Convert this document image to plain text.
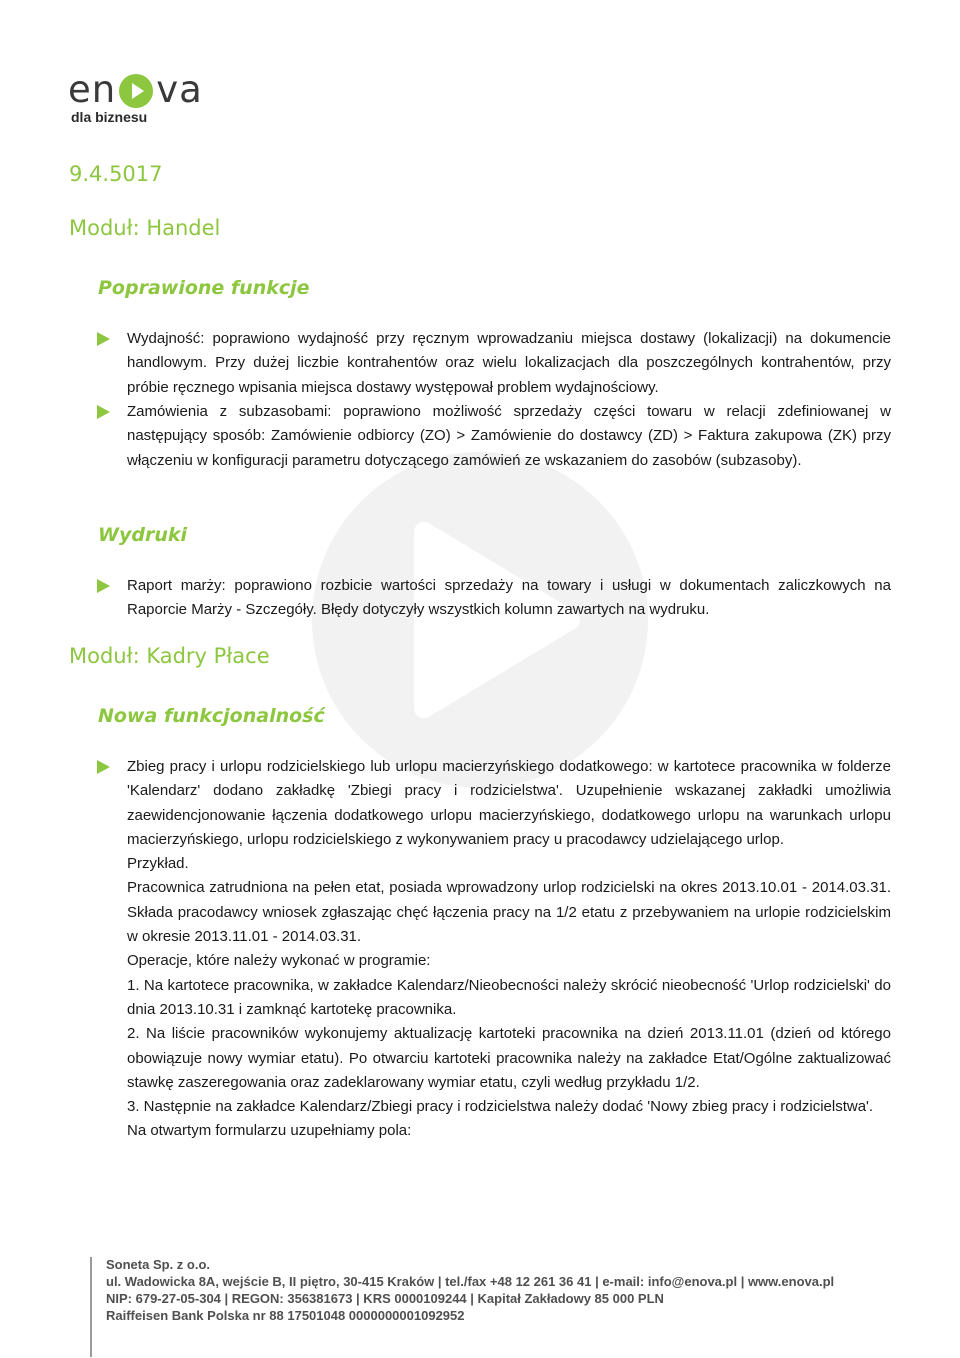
en va
dla biznesu
9.4.5017
Moduł: Handel
Poprawione funkcje

Wydajność: poprawiono wydajność przy ręcznym wprowadzaniu miejsca dostawy (lokalizacji) na dokumencie handlowym. Przy dużej liczbie kontrahentów oraz wielu lokalizacjach dla poszczególnych kontrahentów, przy próbie ręcznego wpisania miejsca dostawy występował problem wydajnościowy.

Zamówienia z subzasobami: poprawiono możliwość sprzedaży części towaru w relacji zdefiniowanej w następujący sposób: Zamówienie odbiorcy (ZO) > Zamówienie do dostawcy (ZD) > Faktura zakupowa (ZK) przy włączeniu w konfiguracji parametru dotyczącego zamówień ze wskazaniem do zasobów (subzasoby).

Wydruki

Raport marży: poprawiono rozbicie wartości sprzedaży na towary i usługi w dokumentach zaliczkowych na Raporcie Marży - Szczegóły. Błędy dotyczyły wszystkich kolumn zawartych na wydruku.

Moduł: Kadry Płace
Nowa funkcjonalność

Zbieg pracy i urlopu rodzicielskiego lub urlopu macierzyńskiego dodatkowego: w kartotece pracownika w folderze 'Kalendarz' dodano zakładkę 'Zbiegi pracy i rodzicielstwa'. Uzupełnienie wskazanej zakładki umożliwia zaewidencjonowanie łączenia dodatkowego urlopu macierzyńskiego, dodatkowego urlopu na warunkach urlopu macierzyńskiego, urlopu rodzicielskiego z wykonywaniem pracy u pracodawcy udzielającego urlop.

Przykład.

Pracownica zatrudniona na pełen etat, posiada wprowadzony urlop rodzicielski na okres 2013.10.01 - 2014.03.31. Składa pracodawcy wniosek zgłaszając chęć łączenia pracy na 1/2 etatu z przebywaniem na urlopie rodzicielskim w okresie 2013.11.01 - 2014.03.31.

Operacje, które należy wykonać w programie:

1. Na kartotece pracownika, w zakładce Kalendarz/Nieobecności należy skrócić nieobecność 'Urlop rodzicielski' do dnia 2013.10.31 i zamknąć kartotekę pracownika.

2. Na liście pracowników wykonujemy aktualizację kartoteki pracownika na dzień 2013.11.01 (dzień od którego obowiązuje nowy wymiar etatu). Po otwarciu kartoteki pracownika należy na zakładce Etat/Ogólne zaktualizować stawkę zaszeregowania oraz zadeklarowany wymiar etatu, czyli według przykładu 1/2.

3. Następnie na zakładce Kalendarz/Zbiegi pracy i rodzicielstwa należy dodać 'Nowy zbieg pracy i rodzicielstwa'.

Na otwartym formularzu uzupełniamy pola:

Soneta Sp. z o.o.
ul. Wadowicka 8A, wejście B, II piętro, 30-415 Kraków | tel./fax +48 12 261 36 41 | e-mail: info@enova.pl | www.enova.pl
NIP: 679-27-05-304 | REGON: 356381673 | KRS 0000109244 | Kapitał Zakładowy 85 000 PLN
Raiffeisen Bank Polska nr 88 17501048 0000000001092952
